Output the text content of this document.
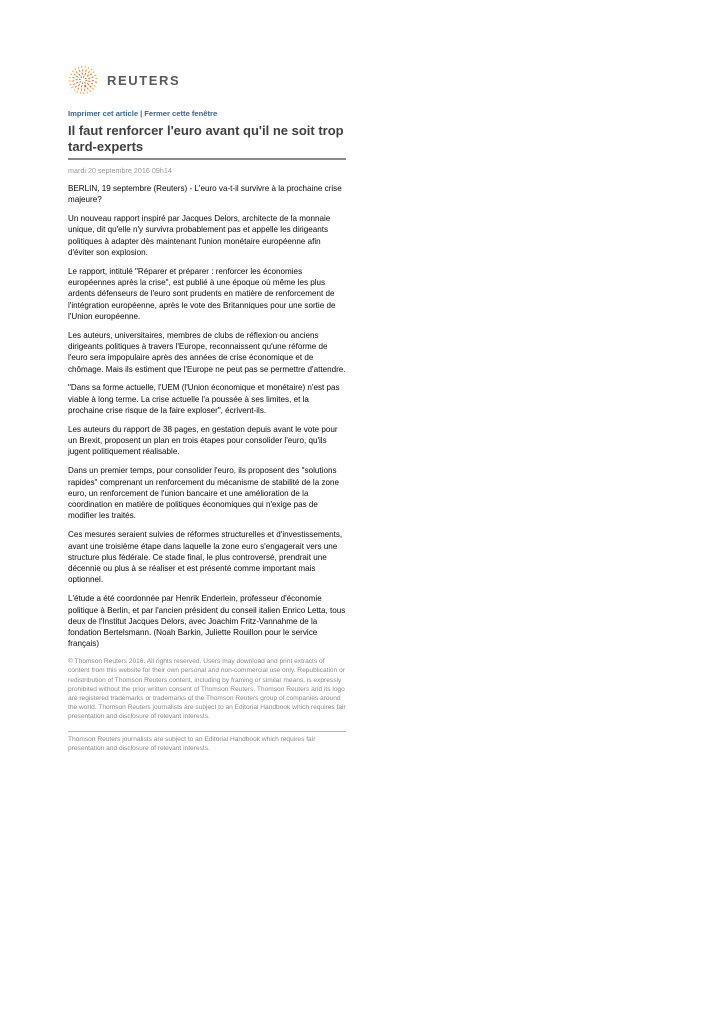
REUTERS
Imprimer cet article | Fermer cette fenêtre
Il faut renforcer l'euro avant qu'il ne soit trop tard-experts
mardi 20 septembre 2016 09h14

BERLIN, 19 septembre (Reuters) - L'euro va-t-il survivre à la prochaine crise majeure?

Un nouveau rapport inspiré par Jacques Delors, architecte de la monnaie unique, dit qu'elle n'y survivra probablement pas et appelle les dirigeants politiques à adapter dès maintenant l'union monétaire européenne afin d'éviter son explosion.

Le rapport, intitulé "Réparer et préparer : renforcer les économies européennes après la crise", est publié à une époque où même les plus ardents défenseurs de l'euro sont prudents en matière de renforcement de l'intégration européenne, après le vote des Britanniques pour une sortie de l'Union européenne.

Les auteurs, universitaires, membres de clubs de réflexion ou anciens dirigeants politiques à travers l'Europe, reconnaissent qu'une réforme de l'euro sera impopulaire après des années de crise économique et de chômage. Mais ils estiment que l'Europe ne peut pas se permettre d'attendre.

"Dans sa forme actuelle, l'UEM (l'Union économique et monétaire) n'est pas viable à long terme. La crise actuelle l'a poussée à ses limites, et la prochaine crise risque de la faire exploser", écrivent-ils.

Les auteurs du rapport de 38 pages, en gestation depuis avant le vote pour un Brexit, proposent un plan en trois étapes pour consolider l'euro, qu'ils jugent politiquement réalisable.

Dans un premier temps, pour consolider l'euro, ils proposent des "solutions rapides" comprenant un renforcement du mécanisme de stabilité de la zone euro, un renforcement de l'union bancaire et une amélioration de la coordination en matière de politiques économiques qui n'exige pas de modifier les traités.

Ces mesures seraient suivies de réformes structurelles et d'investissements, avant une troisième étape dans laquelle la zone euro s'engagerait vers une structure plus fédérale. Ce stade final, le plus controversé, prendrait une décennie ou plus à se réaliser et est présenté comme important mais optionnel.

L'étude a été coordonnée par Henrik Enderlein, professeur d'économie politique à Berlin, et par l'ancien président du conseil italien Enrico Letta, tous deux de l'Institut Jacques Delors, avec Joachim Fritz-Vannahme de la fondation Bertelsmann. (Noah Barkin, Juliette Rouillon pour le service français)

© Thomson Reuters 2016. All rights reserved. Users may download and print extracts of content from this website for their own personal and non-commercial use only. Republication or redistribution of Thomson Reuters content, including by framing or similar means, is expressly prohibited without the prior written consent of Thomson Reuters. Thomson Reuters and its logo are registered trademarks or trademarks of the Thomson Reuters group of companies around the world. Thomson Reuters journalists are subject to an Editorial Handbook which requires fair presentation and disclosure of relevant interests.
Thomson Reuters journalists are subject to an Editorial Handbook which requires fair presentation and disclosure of relevant interests.
